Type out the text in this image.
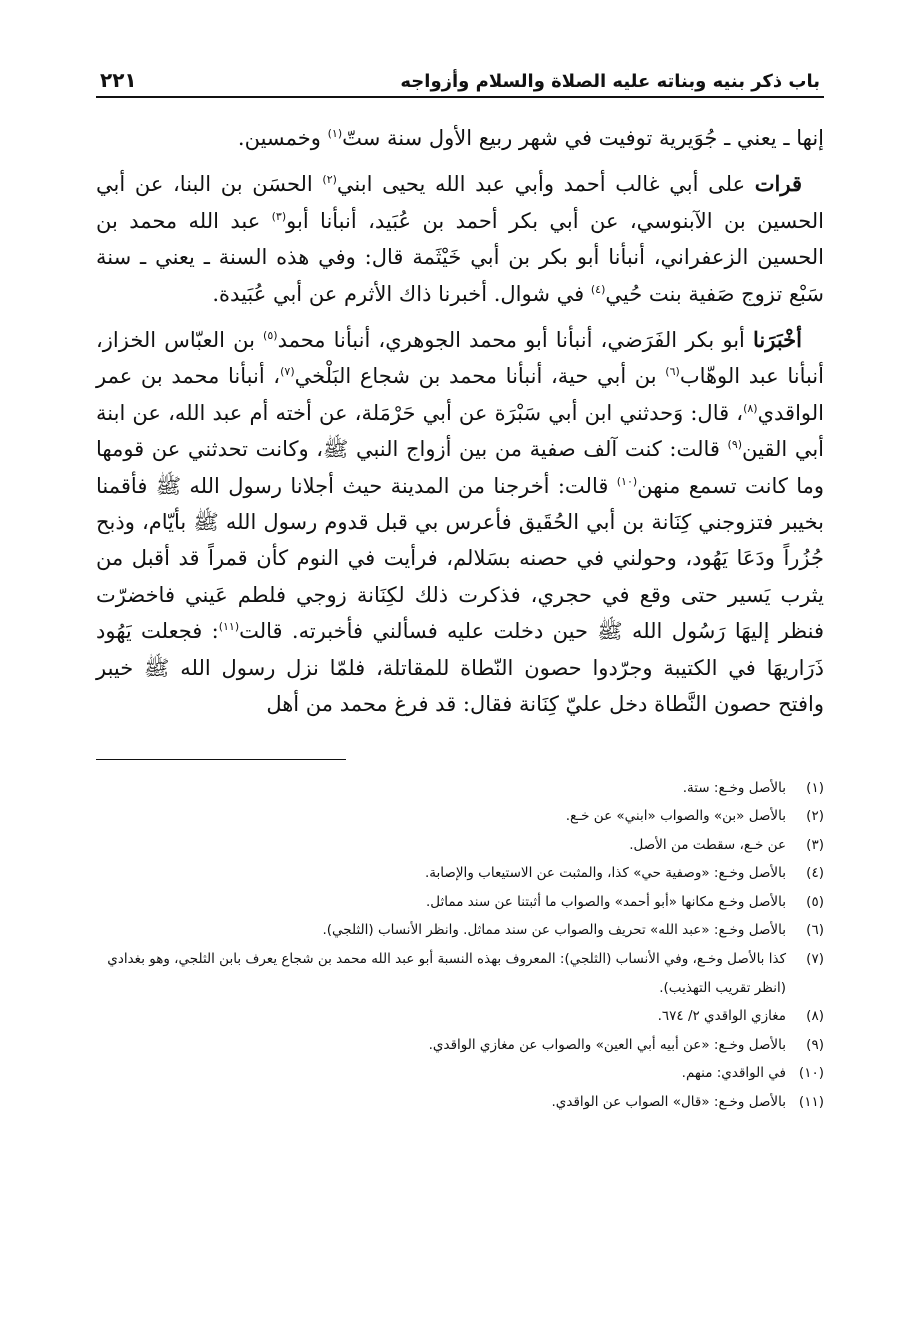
باب ذكر بنيه وبناته عليه الصلاة والسلام وأزواجه
٢٢١

إنها ـ يعني ـ جُوَيرية توفيت في شهر ربيع الأول سنة ستّ$^{(١)}$ وخمسين.

قرات على أبي غالب أحمد وأبي عبد الله يحيى ابني$^{(٢)}$ الحسَن بن البنا، عن أبي الحسين بن الآبنوسي، عن أبي بكر أحمد بن عُبَيد، أنبأنا أبو$^{(٣)}$ عبد الله محمد بن الحسين الزعفراني، أنبأنا أبو بكر بن أبي خَيْثَمة قال: وفي هذه السنة ـ يعني ـ سنة سَبْع تزوج صَفية بنت حُيي$^{(٤)}$ في شوال. أخبرنا ذاك الأثرم عن أبي عُبَيدة.

أخْبَرَنا أبو بكر الفَرَضي، أنبأنا أبو محمد الجوهري، أنبأنا محمد$^{(٥)}$ بن العبّاس الخزاز، أنبأنا عبد الوهّاب$^{(٦)}$ بن أبي حية، أنبأنا محمد بن شجاع البَلْخي$^{(٧)}$، أنبأنا محمد بن عمر الواقدي$^{(٨)}$، قال: وَحدثني ابن أبي سَبْرَة عن أبي حَرْمَلة، عن أخته أم عبد الله، عن ابنة أبي القين$^{(٩)}$ قالت: كنت آلف صفية من بين أزواج النبي ﷺ، وكانت تحدثني عن قومها وما كانت تسمع منهن$^{(١٠)}$ قالت: أخرجنا من المدينة حيث أجلانا رسول الله ﷺ فأقمنا بخيبر فتزوجني كِنَانة بن أبي الحُقَيق فأعرس بي قبل قدوم رسول الله ﷺ بأيّام، وذبح جُزُراً ودَعَا يَهُود، وحولني في حصنه بسَلالم، فرأيت في النوم كأن قمراً قد أقبل من يثرب يَسير حتى وقع في حجري، فذكرت ذلك لكِنَانة زوجي فلطم عَيني فاخضرّت فنظر إليهَا رَسُول الله ﷺ حين دخلت عليه فسألني فأخبرته. قالت$^{(١١)}$: فجعلت يَهُود ذَرَاريهَا في الكتيبة وجرّدوا حصون النّطاة للمقاتلة، فلمّا نزل رسول الله ﷺ خيبر وافتح حصون النَّطاة دخل عليّ كِنَانة فقال: قد فرغ محمد من أهل

(١)
بالأصل وخـع: ستة.
(٢)
بالأصل «بن» والصواب «ابني» عن خـع.
(٣)
عن خـع، سقطت من الأصل.
(٤)
بالأصل وخـع: «وصفية حي» كذا، والمثبت عن الاستيعاب والإصابة.
(٥)
بالأصل وخـع مكانها «أبو أحمد» والصواب ما أثبتنا عن سند مماثل.
(٦)
بالأصل وخـع: «عبد الله» تحريف والصواب عن سند مماثل. وانظر الأنساب (الثلجي).
(٧)
كذا بالأصل وخـع، وفي الأنساب (الثلجي): المعروف بهذه النسبة أبو عبد الله محمد بن شجاع يعرف بابن الثلجي، وهو بغدادي (انظر تقريب التهذيب).
(٨)
مغازي الواقدي ٢/ ٦٧٤.
(٩)
بالأصل وخـع: «عن أبيه أبي العين» والصواب عن مغازي الواقدي.
(١٠)
في الواقدي: منهم.
(١١)
بالأصل وخـع: «قال» الصواب عن الواقدي.
